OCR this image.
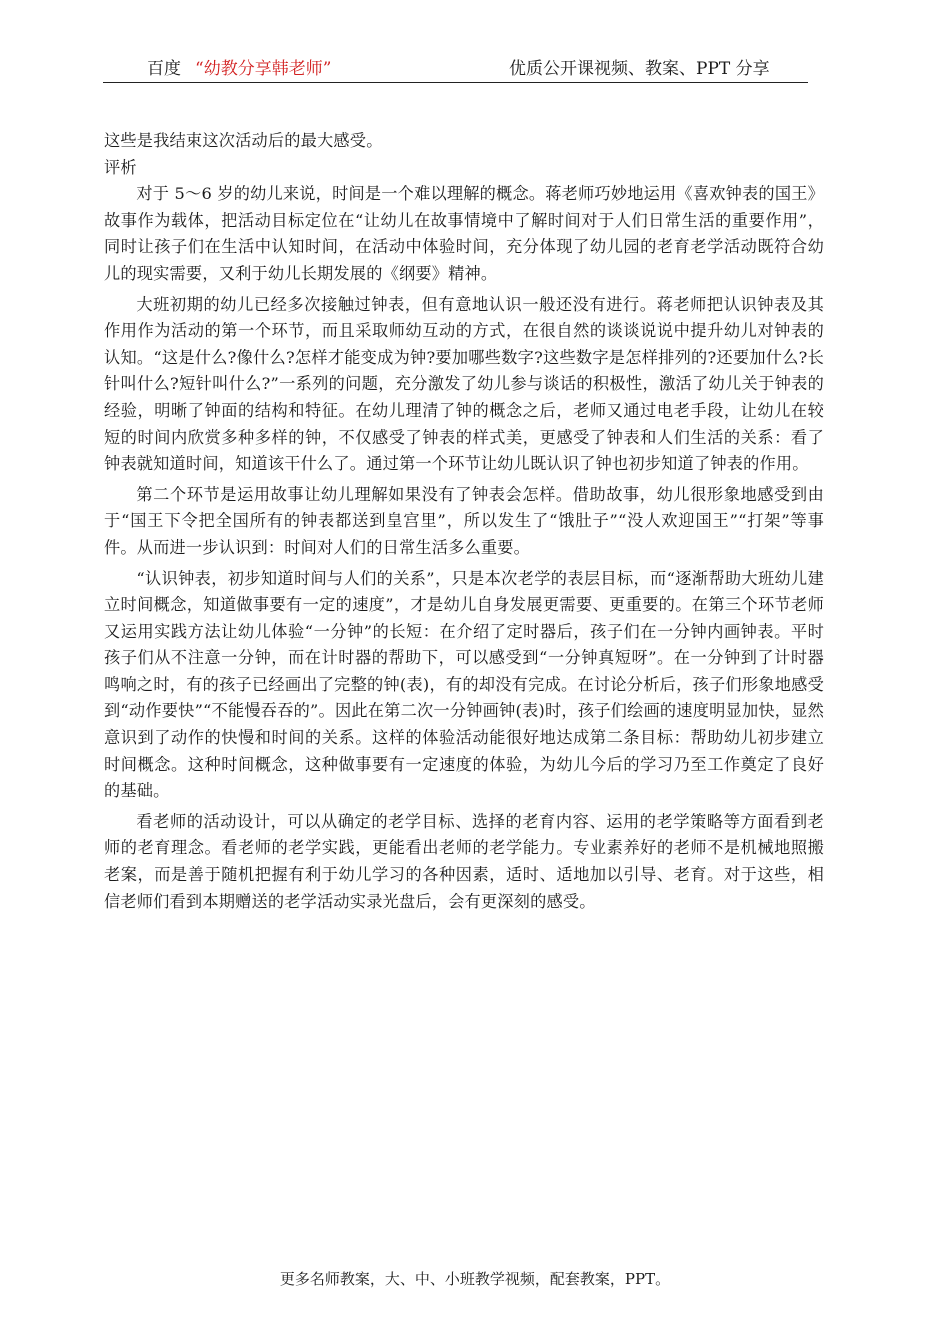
百度 “幼教分享韩老师”	优质公开课视频、教案、PPT 分享

这些是我结束这次活动后的最大感受。

评析

对于 5～6 岁的幼儿来说，时间是一个难以理解的概念。蒋老师巧妙地运用《喜欢钟表的国王》故事作为载体，把活动目标定位在“让幼儿在故事情境中了解时间对于人们日常生活的重要作用”，同时让孩子们在生活中认知时间，在活动中体验时间，充分体现了幼儿园的老育老学活动既符合幼儿的现实需要，又利于幼儿长期发展的《纲要》精神。

大班初期的幼儿已经多次接触过钟表，但有意地认识一般还没有进行。蒋老师把认识钟表及其作用作为活动的第一个环节，而且采取师幼互动的方式，在很自然的谈谈说说中提升幼儿对钟表的认知。“这是什么?像什么?怎样才能变成为钟?要加哪些数字?这些数字是怎样排列的?还要加什么?长针叫什么?短针叫什么?”一系列的问题，充分激发了幼儿参与谈话的积极性，激活了幼儿关于钟表的经验，明晰了钟面的结构和特征。在幼儿理清了钟的概念之后，老师又通过电老手段，让幼儿在较短的时间内欣赏多种多样的钟，不仅感受了钟表的样式美，更感受了钟表和人们生活的关系：看了钟表就知道时间，知道该干什么了。通过第一个环节让幼儿既认识了钟也初步知道了钟表的作用。

第二个环节是运用故事让幼儿理解如果没有了钟表会怎样。借助故事，幼儿很形象地感受到由于“国王下令把全国所有的钟表都送到皇宫里”，所以发生了“饿肚子”“没人欢迎国王”“打架”等事件。从而进一步认识到：时间对人们的日常生活多么重要。

“认识钟表，初步知道时间与人们的关系”，只是本次老学的表层目标，而“逐渐帮助大班幼儿建立时间概念，知道做事要有一定的速度”，才是幼儿自身发展更需要、更重要的。在第三个环节老师又运用实践方法让幼儿体验“一分钟”的长短：在介绍了定时器后，孩子们在一分钟内画钟表。平时孩子们从不注意一分钟，而在计时器的帮助下，可以感受到“一分钟真短呀”。在一分钟到了计时器鸣响之时，有的孩子已经画出了完整的钟(表)，有的却没有完成。在讨论分析后，孩子们形象地感受到“动作要快”“不能慢吞吞的”。因此在第二次一分钟画钟(表)时，孩子们绘画的速度明显加快，显然意识到了动作的快慢和时间的关系。这样的体验活动能很好地达成第二条目标：帮助幼儿初步建立时间概念。这种时间概念，这种做事要有一定速度的体验，为幼儿今后的学习乃至工作奠定了良好的基础。

看老师的活动设计，可以从确定的老学目标、选择的老育内容、运用的老学策略等方面看到老师的老育理念。看老师的老学实践，更能看出老师的老学能力。专业素养好的老师不是机械地照搬老案，而是善于随机把握有利于幼儿学习的各种因素，适时、适地加以引导、老育。对于这些，相信老师们看到本期赠送的老学活动实录光盘后，会有更深刻的感受。

更多名师教案，大、中、小班教学视频，配套教案，PPT。
